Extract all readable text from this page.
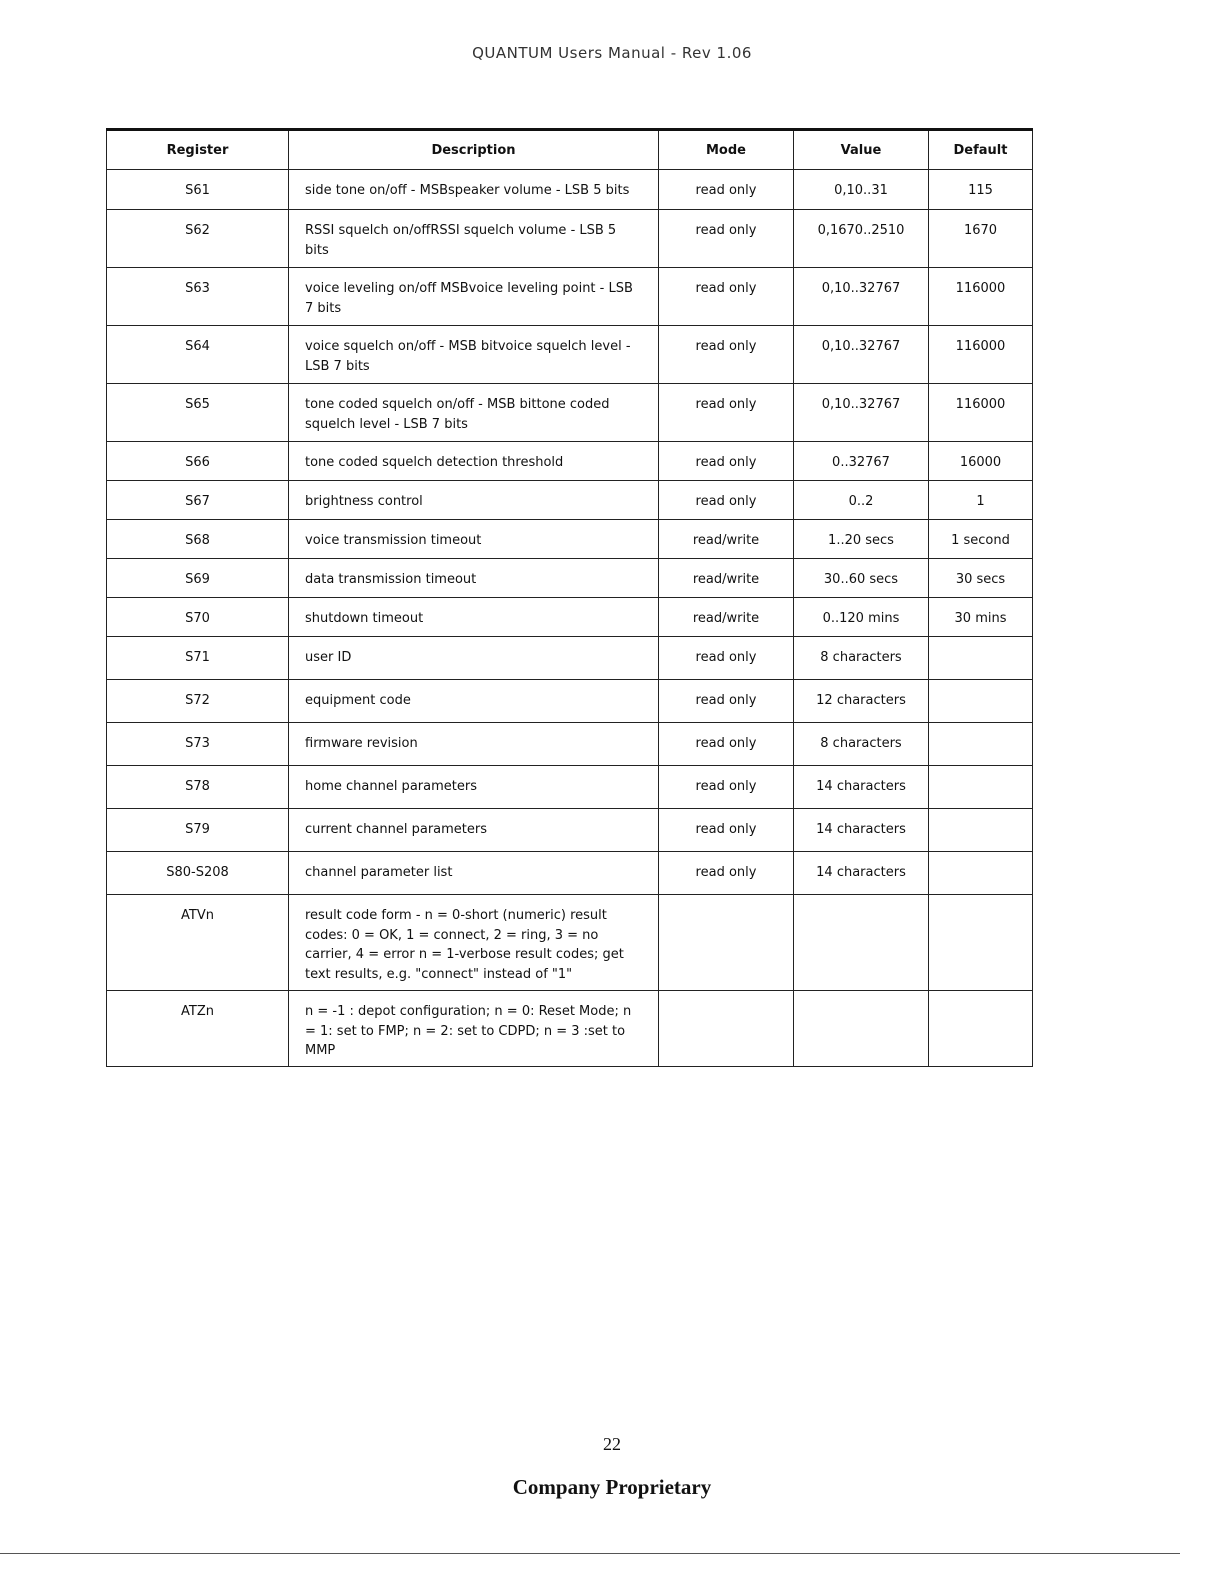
QUANTUM Users Manual - Rev 1.06
Register	Description	Mode	Value	Default
S61	side tone on/off - MSBspeaker volume - LSB 5 bits	read only	0,10..31	115
S62	RSSI squelch on/offRSSI squelch volume - LSB 5 bits	read only	0,1670..2510	1670
S63	voice leveling on/off MSBvoice leveling point - LSB 7 bits	read only	0,10..32767	116000
S64	voice squelch on/off - MSB bitvoice squelch level - LSB 7 bits	read only	0,10..32767	116000
S65	tone coded squelch on/off - MSB bittone coded squelch level - LSB 7 bits	read only	0,10..32767	116000
S66	tone coded squelch detection threshold	read only	0..32767	16000
S67	brightness control	read only	0..2	1
S68	voice transmission timeout	read/write	1..20 secs	1 second
S69	data transmission timeout	read/write	30..60 secs	30 secs
S70	shutdown timeout	read/write	0..120 mins	30 mins
S71	user ID	read only	8 characters	
S72	equipment code	read only	12 characters	
S73	firmware revision	read only	8 characters	
S78	home channel parameters	read only	14 characters	
S79	current channel parameters	read only	14 characters	
S80-S208	channel parameter list	read only	14 characters	
ATVn	result code form - n = 0-short (numeric) result codes: 0 = OK, 1 = connect, 2 = ring, 3 = no carrier, 4 = error n = 1-verbose result codes; get text results, e.g. "connect" instead of "1"			
ATZn	n = -1 : depot configuration; n = 0: Reset Mode; n = 1: set to FMP; n = 2: set to CDPD; n = 3 :set to MMP			
22
Company Proprietary
